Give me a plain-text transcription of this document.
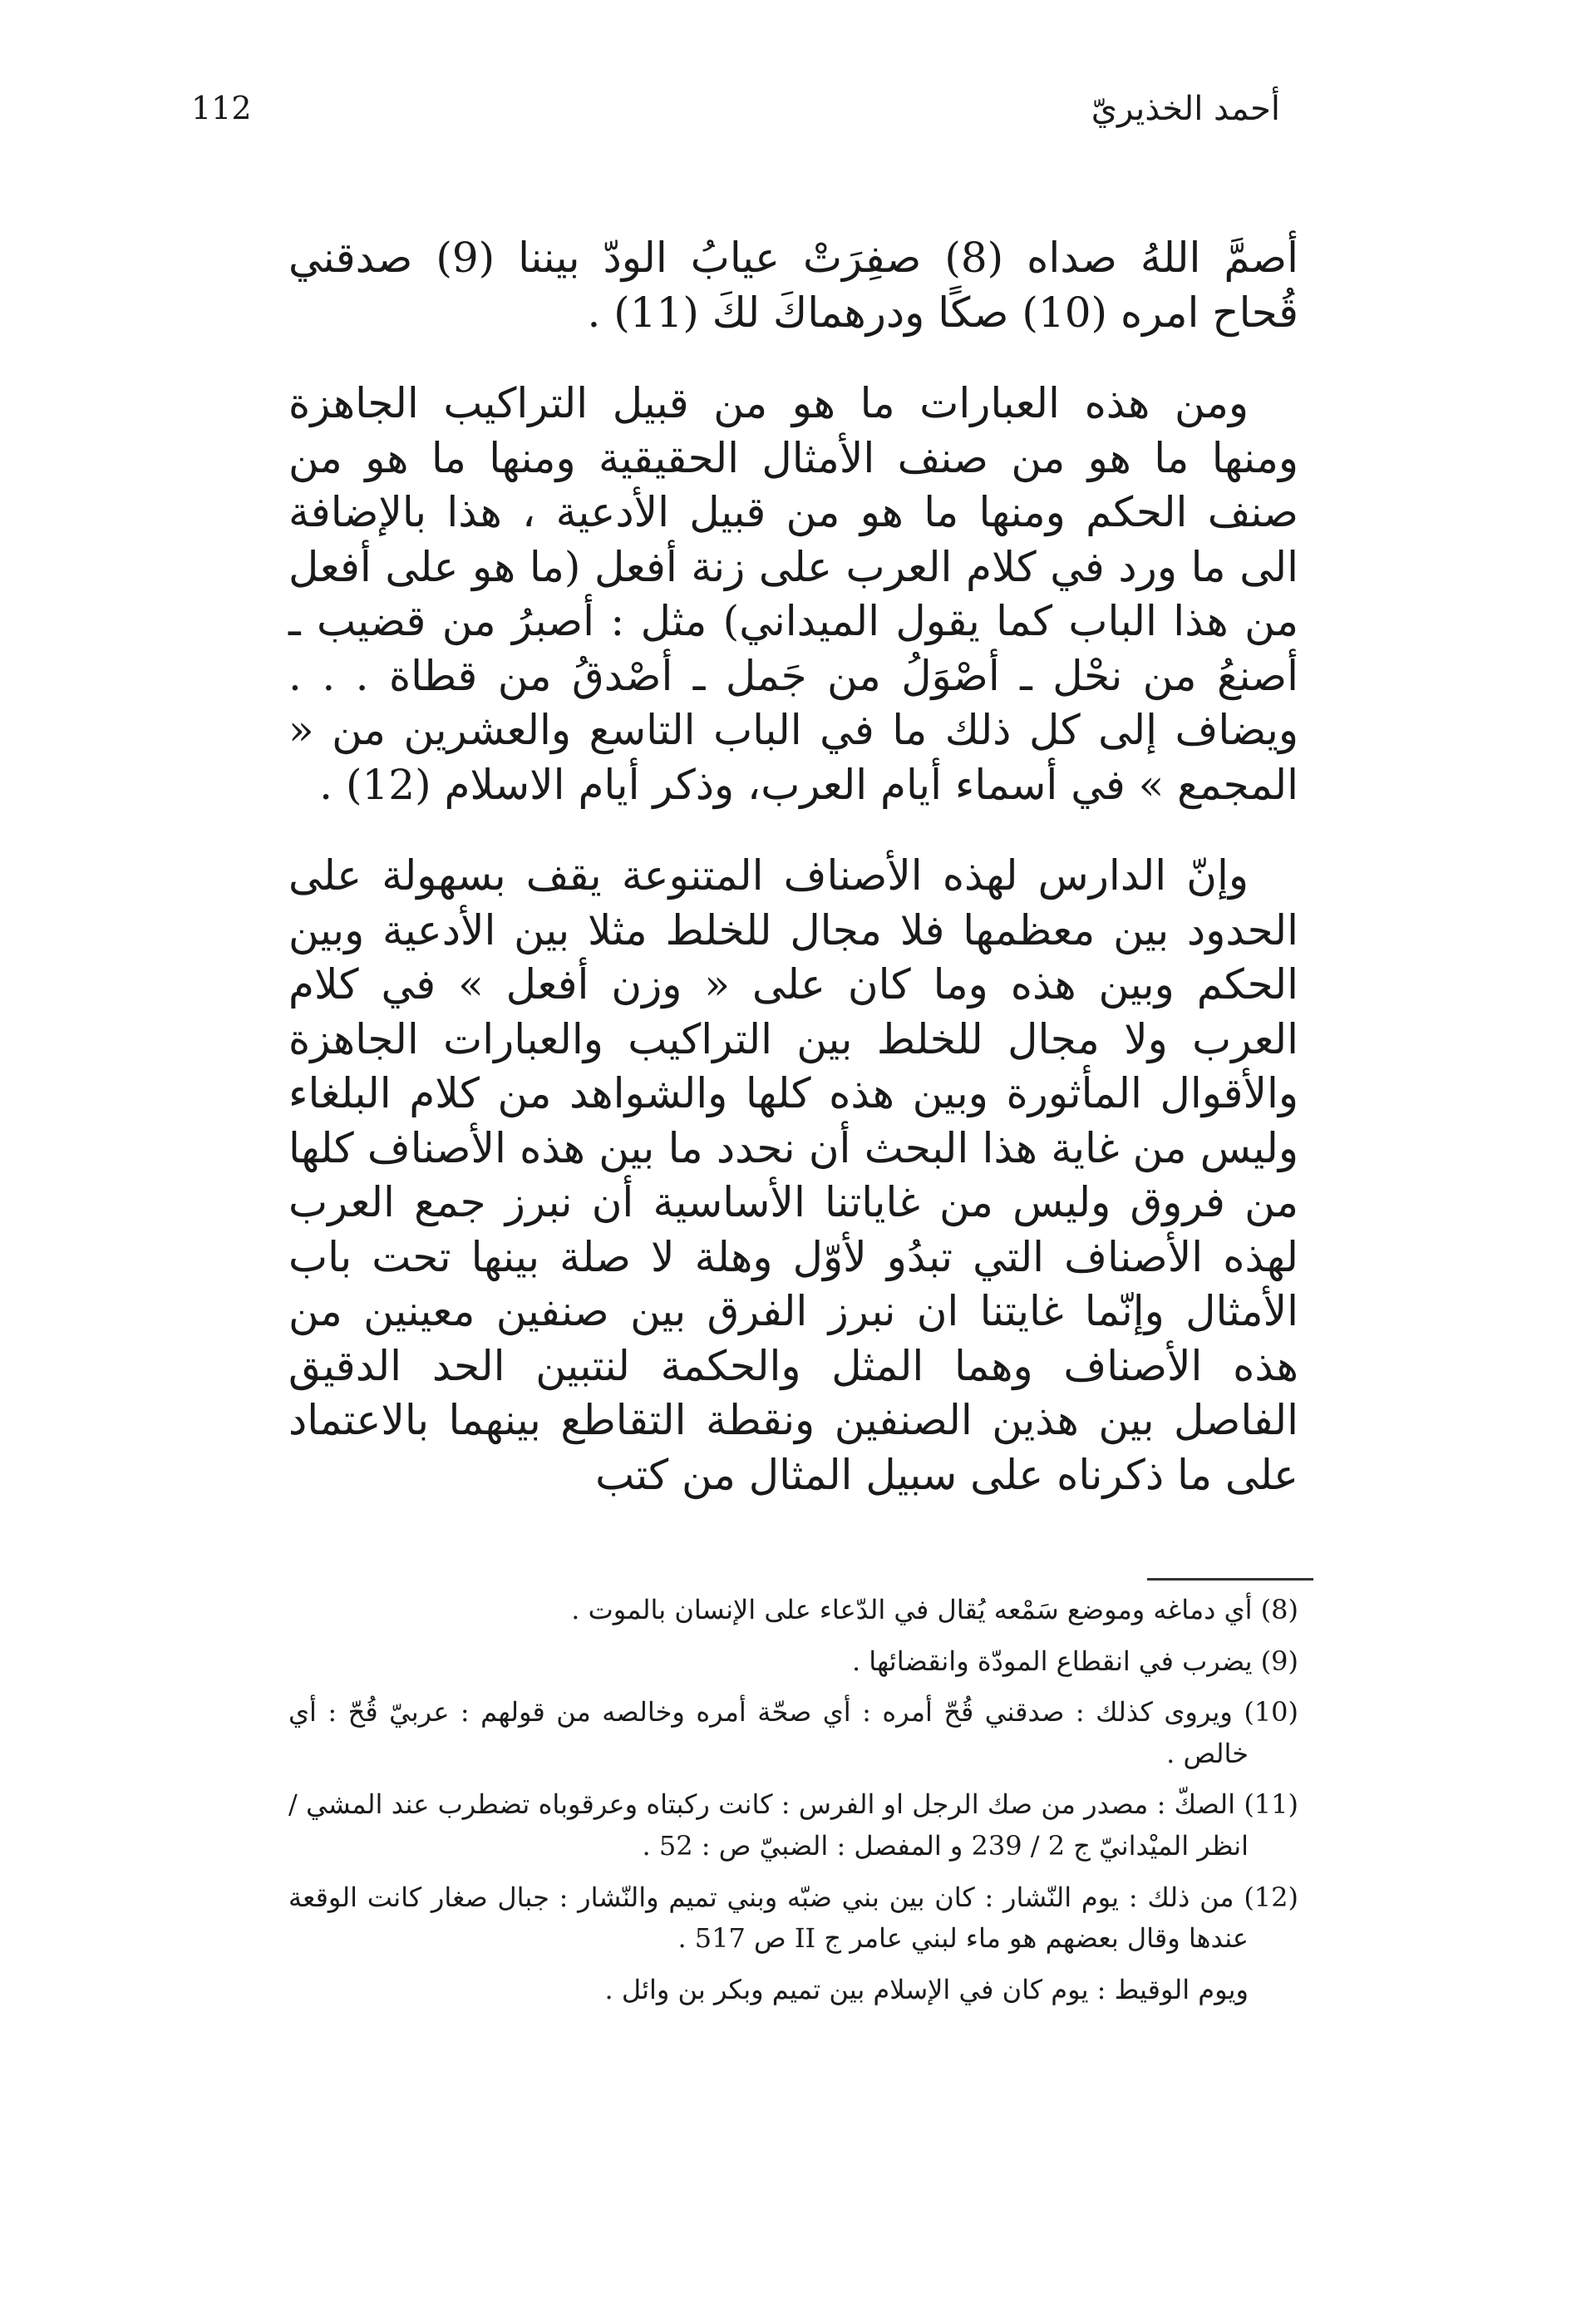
112	أحمد الخذيريّ

أصمَّ اللهُ صداه (8) صفِرَتْ عيابُ الودّ بيننا (9) صدقني قُحاح امره (10) صكًا ودرهماكَ لكَ (11) .

ومن هذه العبارات ما هو من قبيل التراكيب الجاهزة ومنها ما هو من صنف الأمثال الحقيقية ومنها ما هو من صنف الحكم ومنها ما هو من قبيل الأدعية ، هذا بالإضافة الى ما ورد في كلام العرب على زنة أفعل (ما هو على أفعل من هذا الباب كما يقول الميداني) مثل : أصبرُ من قضيب ـ أصنعُ من نحْل ـ أصْوَلُ من جَمل ـ أصْدقُ من قطاة . . . ويضاف إلى كل ذلك ما في الباب التاسع والعشرين من « المجمع » في أسماء أيام العرب، وذكر أيام الاسلام (12) .

وإنّ الدارس لهذه الأصناف المتنوعة يقف بسهولة على الحدود بين معظمها فلا مجال للخلط مثلا بين الأدعية وبين الحكم وبين هذه وما كان على « وزن أفعل » في كلام العرب ولا مجال للخلط بين التراكيب والعبارات الجاهزة والأقوال المأثورة وبين هذه كلها والشواهد من كلام البلغاء وليس من غاية هذا البحث أن نحدد ما بين هذه الأصناف كلها من فروق وليس من غاياتنا الأساسية أن نبرز جمع العرب لهذه الأصناف التي تبدُو لأوّل وهلة لا صلة بينها تحت باب الأمثال وإنّما غايتنا ان نبرز الفرق بين صنفين معينين من هذه الأصناف وهما المثل والحكمة لنتبين الحد الدقيق الفاصل بين هذين الصنفين ونقطة التقاطع بينهما بالاعتماد على ما ذكرناه على سبيل المثال من كتب

(8) أي دماغه وموضع سَمْعه يُقال في الدّعاء على الإنسان بالموت .

(9) يضرب في انقطاع المودّة وانقضائها .

(10) ويروى كذلك : صدقني قُحّ أمره : أي صحّة أمره وخالصه من قولهم : عربيّ قُحّ : أي خالص .

(11) الصكّ : مصدر من صك الرجل او الفرس : كانت ركبتاه وعرقوباه تضطرب عند المشي / انظر الميْدانيّ ج 2 / 239 و المفصل : الضبيّ ص : 52 .

(12) من ذلك : يوم النّشار : كان بين بني ضبّه وبني تميم والنّشار : جبال صغار كانت الوقعة عندها وقال بعضهم هو ماء لبني عامر ج II ص 517 .

ويوم الوقيط : يوم كان في الإسلام بين تميم وبكر بن وائل .
